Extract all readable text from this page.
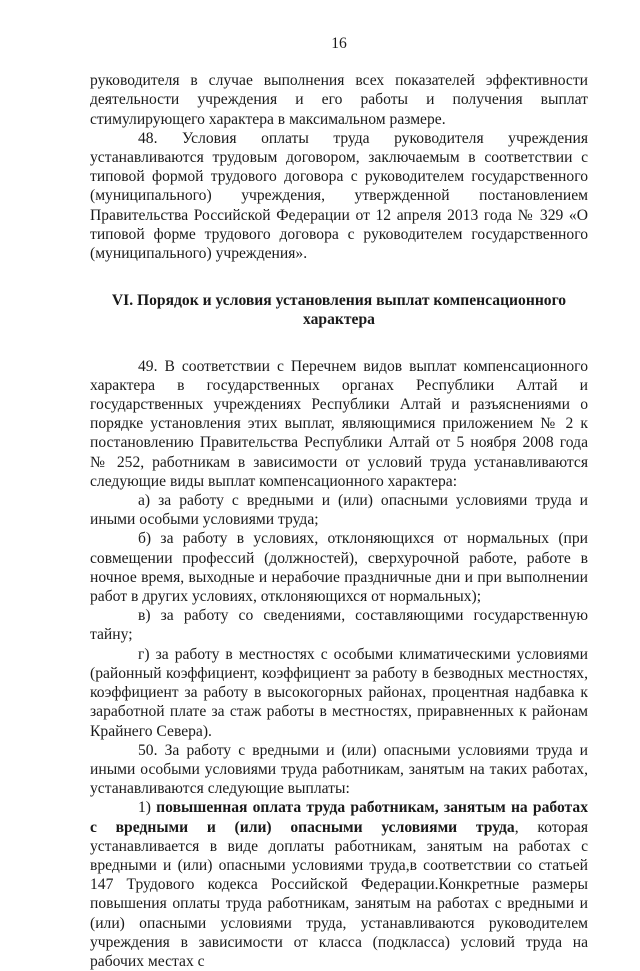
16

руководителя в случае выполнения всех показателей эффективности деятельности учреждения и его работы и получения выплат стимулирующего характера в максимальном размере.

48. Условия оплаты труда руководителя учреждения устанавливаются трудовым договором, заключаемым в соответствии с типовой формой трудового договора с руководителем государственного (муниципального) учреждения, утвержденной постановлением Правительства Российской Федерации от 12 апреля 2013 года № 329 «О типовой форме трудового договора с руководителем государственного (муниципального) учреждения».

VI. Порядок и условия установления выплат компенсационного
характера

49. В соответствии с Перечнем видов выплат компенсационного характера в государственных органах Республики Алтай и государственных учреждениях Республики Алтай и разъяснениями о порядке установления этих выплат, являющимися приложением № 2 к постановлению Правительства Республики Алтай от 5 ноября 2008 года № 252, работникам в зависимости от условий труда устанавливаются следующие виды выплат компенсационного характера:

а) за работу с вредными и (или) опасными условиями труда и иными особыми условиями труда;

б) за работу в условиях, отклоняющихся от нормальных (при совмещении профессий (должностей), сверхурочной работе, работе в ночное время, выходные и нерабочие праздничные дни и при выполнении работ в других условиях, отклоняющихся от нормальных);

в) за работу со сведениями, составляющими государственную тайну;

г) за работу в местностях с особыми климатическими условиями (районный коэффициент, коэффициент за работу в безводных местностях, коэффициент за работу в высокогорных районах, процентная надбавка к заработной плате за стаж работы в местностях, приравненных к районам Крайнего Севера).

50. За работу с вредными и (или) опасными условиями труда и иными особыми условиями труда работникам, занятым на таких работах, устанавливаются следующие выплаты:

1) повышенная оплата труда работникам, занятым на работах с вредными и (или) опасными условиями труда, которая устанавливается в виде доплаты работникам, занятым на работах с вредными и (или) опасными условиями труда,в соответствии со статьей 147 Трудового кодекса Российской Федерации.Конкретные размеры повышения оплаты труда работникам, занятым на работах с вредными и (или) опасными условиями труда, устанавливаются руководителем учреждения в зависимости от класса (подкласса) условий труда на рабочих местах с
